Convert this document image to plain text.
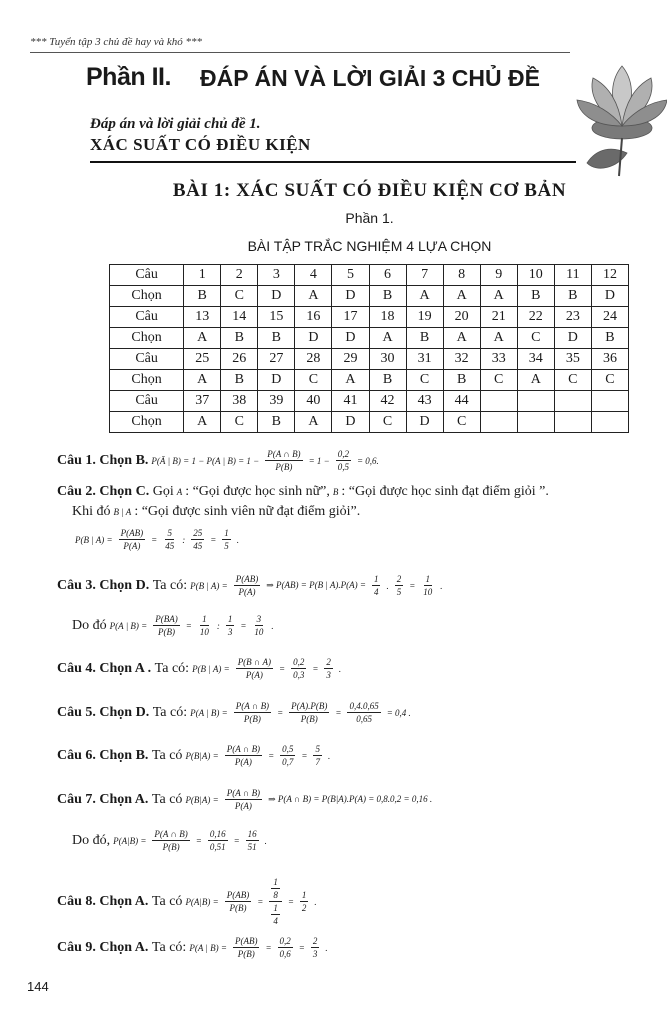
*** Tuyển tập 3 chủ đề hay và khó ***
Phần II. ĐÁP ÁN VÀ LỜI GIẢI 3 CHỦ ĐỀ
Đáp án và lời giải chủ đề 1.
XÁC SUẤT CÓ ĐIỀU KIỆN
BÀI 1: XÁC SUẤT CÓ ĐIỀU KIỆN CƠ BẢN
Phần 1.
BÀI TẬP TRẮC NGHIỆM 4 LỰA CHỌN
Câu	1	2	3	4	5	6	7	8	9	10	11	12
Chọn	B	C	D	A	D	B	A	A	A	B	B	D
Câu	13	14	15	16	17	18	19	20	21	22	23	24
Chọn	A	B	B	D	D	A	B	A	A	C	D	B
Câu	25	26	27	28	29	30	31	32	33	34	35	36
Chọn	A	B	D	C	A	B	C	B	C	A	C	C
Câu	37	38	39	40	41	42	43	44				
Chọn	A	C	B	A	D	C	D	C				
Câu 1. Chọn B. P(Ā | B) = 1 − P(A | $B) = 1 - \frac{P(A \cap B)}{P(B)} = 1 - \frac{0,2}{0,5} = 0,6$.
Câu 2. Chọn C.
Gọi A : “Gọi được học sinh nữ”, B : “Gọi được học sinh đạt điểm giỏi ”.
Khi đó B | A : “Gọi được sinh viên nữ đạt điểm giỏi”.
P(B | $A) = \frac{P(AB)}{P(A)} = \frac{5}{45}$ : $\frac{25}{45} = \frac{1}{5}$ .
Câu 3. Chọn D.
Ta có: P(B | $A) = \frac{P(AB)}{P(A)}$ ⇒ P(AB) = P(B | $A).P(A) = \frac{1}{4}$ . $\frac{2}{5} = \frac{1}{10}$ .
Do đó P(A | $B) = \frac{P(BA)}{P(B)} = \frac{1}{10}$ : $\frac{1}{3} = \frac{3}{10}$ .
Câu 4. Chọn A .
Ta có: P(B | $A) = \frac{P(B \cap A)}{P(A)} = \frac{0,2}{0,3} = \frac{2}{3}$ .
Câu 5. Chọn D.
Ta có: P(A | $B) = \frac{P(A \cap B)}{P(B)} = \frac{P(A).P(B)}{P(B)} = \frac{0,4.0,65}{0,65} = 0,4$ .
Câu 6. Chọn B.
Ta có $P(B|A) = \frac{P(A \cap B)}{P(A)} = \frac{0,5}{0,7} = \frac{5}{7}$ .
Câu 7. Chọn A.
Ta có $P(B|A) = \frac{P(A \cap B)}{P(A)}$ ⇒ P(A ∩ B) = P(B|A).P(A) = 0,8.0,2 = 0,16 .
Do đó, $P(A|B) = \frac{P(A \cap B)}{P(B)} = \frac{0,16}{0,51} = \frac{16}{51}$ .
Câu 8. Chọn A.
Ta có $P(A|B) = \frac{P(AB)}{P(B)} = \frac{\frac{1}{8}}{\frac{1}{4}} = \frac{1}{2}$ .
Câu 9. Chọn A.
Ta có: P(A | $B) = \frac{P(AB)}{P(B)} = \frac{0,2}{0,6} = \frac{2}{3}$ .
144
